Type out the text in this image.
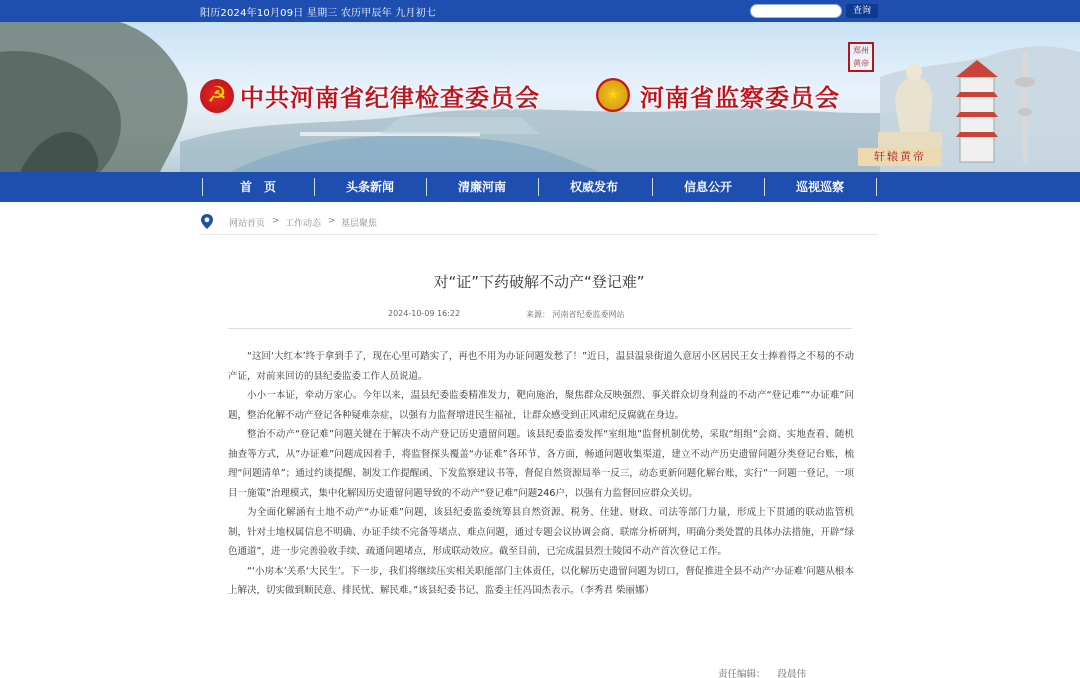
阳历2024年10月09日 星期三 农历甲辰年 九月初七	查询
☭ 中共河南省纪律检查委员会	★ 河南省监察委员会
郑州
黄帝
轩辕黄帝
首　页	头条新闻	清廉河南	权威发布	信息公开	巡视巡察
网站首页 > 工作动态 > 基层聚焦
对“证”下药破解不动产“登记难”
2024-10-09 16:22	来源： 河南省纪委监委网站

“这回‘大红本’终于拿到手了，现在心里可踏实了，再也不用为办证问题发愁了！”近日，温县温泉街道久意居小区居民王女士捧着得之不易的不动产证，对前来回访的县纪委监委工作人员说道。

小小一本证，牵动万家心。今年以来，温县纪委监委精准发力，靶向施治，聚焦群众反映强烈、事关群众切身利益的不动产“登记难”“办证难”问题，整治化解不动产登记各种疑难杂症，以强有力监督增进民生福祉，让群众感受到正风肃纪反腐就在身边。

整治不动产“登记难”问题关键在于解决不动产登记历史遗留问题。该县纪委监委发挥“室组地”监督机制优势，采取“组组”会商、实地查看、随机抽查等方式，从“办证难”问题成因着手，将监督探头覆盖“办证难”各环节、各方面，畅通问题收集渠道，建立不动产历史遗留问题分类登记台账，梳理“问题清单”；通过约谈提醒、制发工作提醒函、下发监察建议书等，督促自然资源局举一反三，动态更新问题化解台账，实行“一问题一登记，一项目一施策”治理模式，集中化解因历史遗留问题导致的不动产“登记难”问题246户，以强有力监督回应群众关切。

为全面化解涵有土地不动产“办证难”问题，该县纪委监委统筹县自然资源、税务、住建、财政、司法等部门力量，形成上下贯通的联动监管机制，针对土地权属信息不明确、办证手续不完备等堵点、难点问题，通过专题会议协调会商、联席分析研判，明确分类处置的具体办法措施，开辟“绿色通道”，进一步完善验收手续、疏通问题堵点，形成联动效应。截至目前，已完成温县烈士陵园不动产首次登记工作。

“‘小房本’关系‘大民生’。下一步，我们将继续压实相关职能部门主体责任，以化解历史遗留问题为切口，督促推进全县不动产‘办证难’问题从根本上解决，切实做到顺民意、排民忧、解民难。”该县纪委书记、监委主任冯国杰表示。（李秀君 柴丽娜）

责任编辑： 段晨伟
